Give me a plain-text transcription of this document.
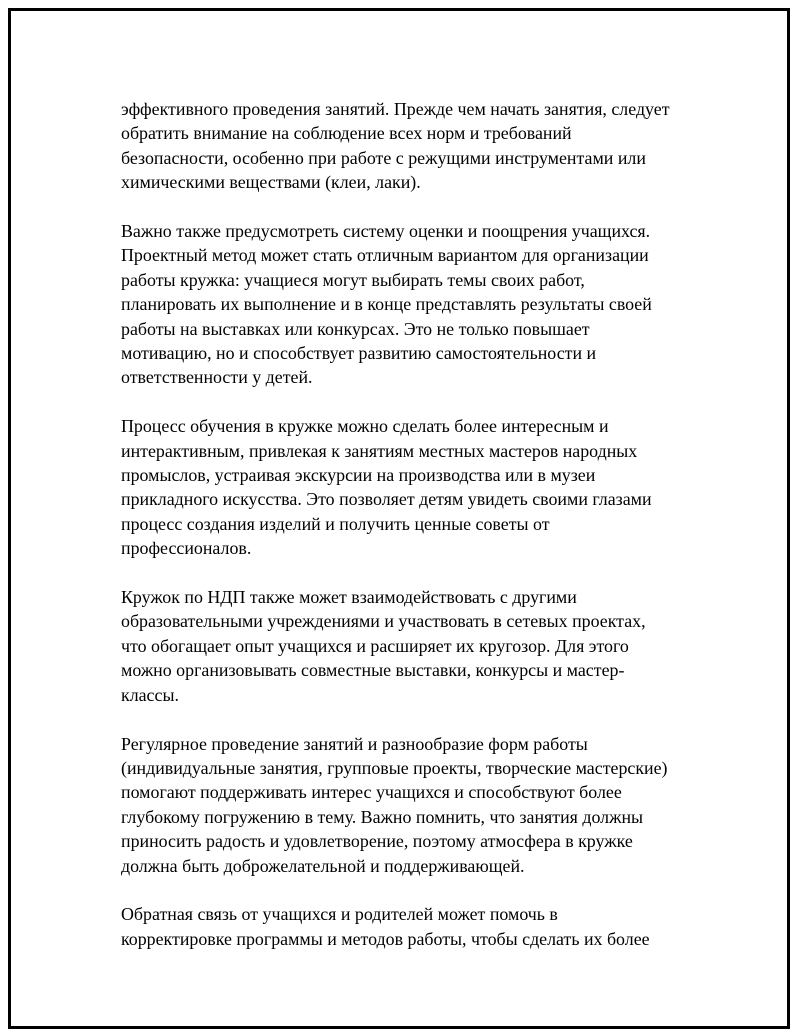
эффективного проведения занятий. Прежде чем начать занятия, следует
обратить внимание на соблюдение всех норм и требований
безопасности, особенно при работе с режущими инструментами или
химическими веществами (клеи, лаки).

Важно также предусмотреть систему оценки и поощрения учащихся.
Проектный метод может стать отличным вариантом для организации
работы кружка: учащиеся могут выбирать темы своих работ,
планировать их выполнение и в конце представлять результаты своей
работы на выставках или конкурсах. Это не только повышает
мотивацию, но и способствует развитию самостоятельности и
ответственности у детей.

Процесс обучения в кружке можно сделать более интересным и
интерактивным, привлекая к занятиям местных мастеров народных
промыслов, устраивая экскурсии на производства или в музеи
прикладного искусства. Это позволяет детям увидеть своими глазами
процесс создания изделий и получить ценные советы от
профессионалов.

Кружок по НДП также может взаимодействовать с другими
образовательными учреждениями и участвовать в сетевых проектах,
что обогащает опыт учащихся и расширяет их кругозор. Для этого
можно организовывать совместные выставки, конкурсы и мастер-
классы.

Регулярное проведение занятий и разнообразие форм работы
(индивидуальные занятия, групповые проекты, творческие мастерские)
помогают поддерживать интерес учащихся и способствуют более
глубокому погружению в тему. Важно помнить, что занятия должны
приносить радость и удовлетворение, поэтому атмосфера в кружке
должна быть доброжелательной и поддерживающей.

Обратная связь от учащихся и родителей может помочь в
корректировке программы и методов работы, чтобы сделать их более
